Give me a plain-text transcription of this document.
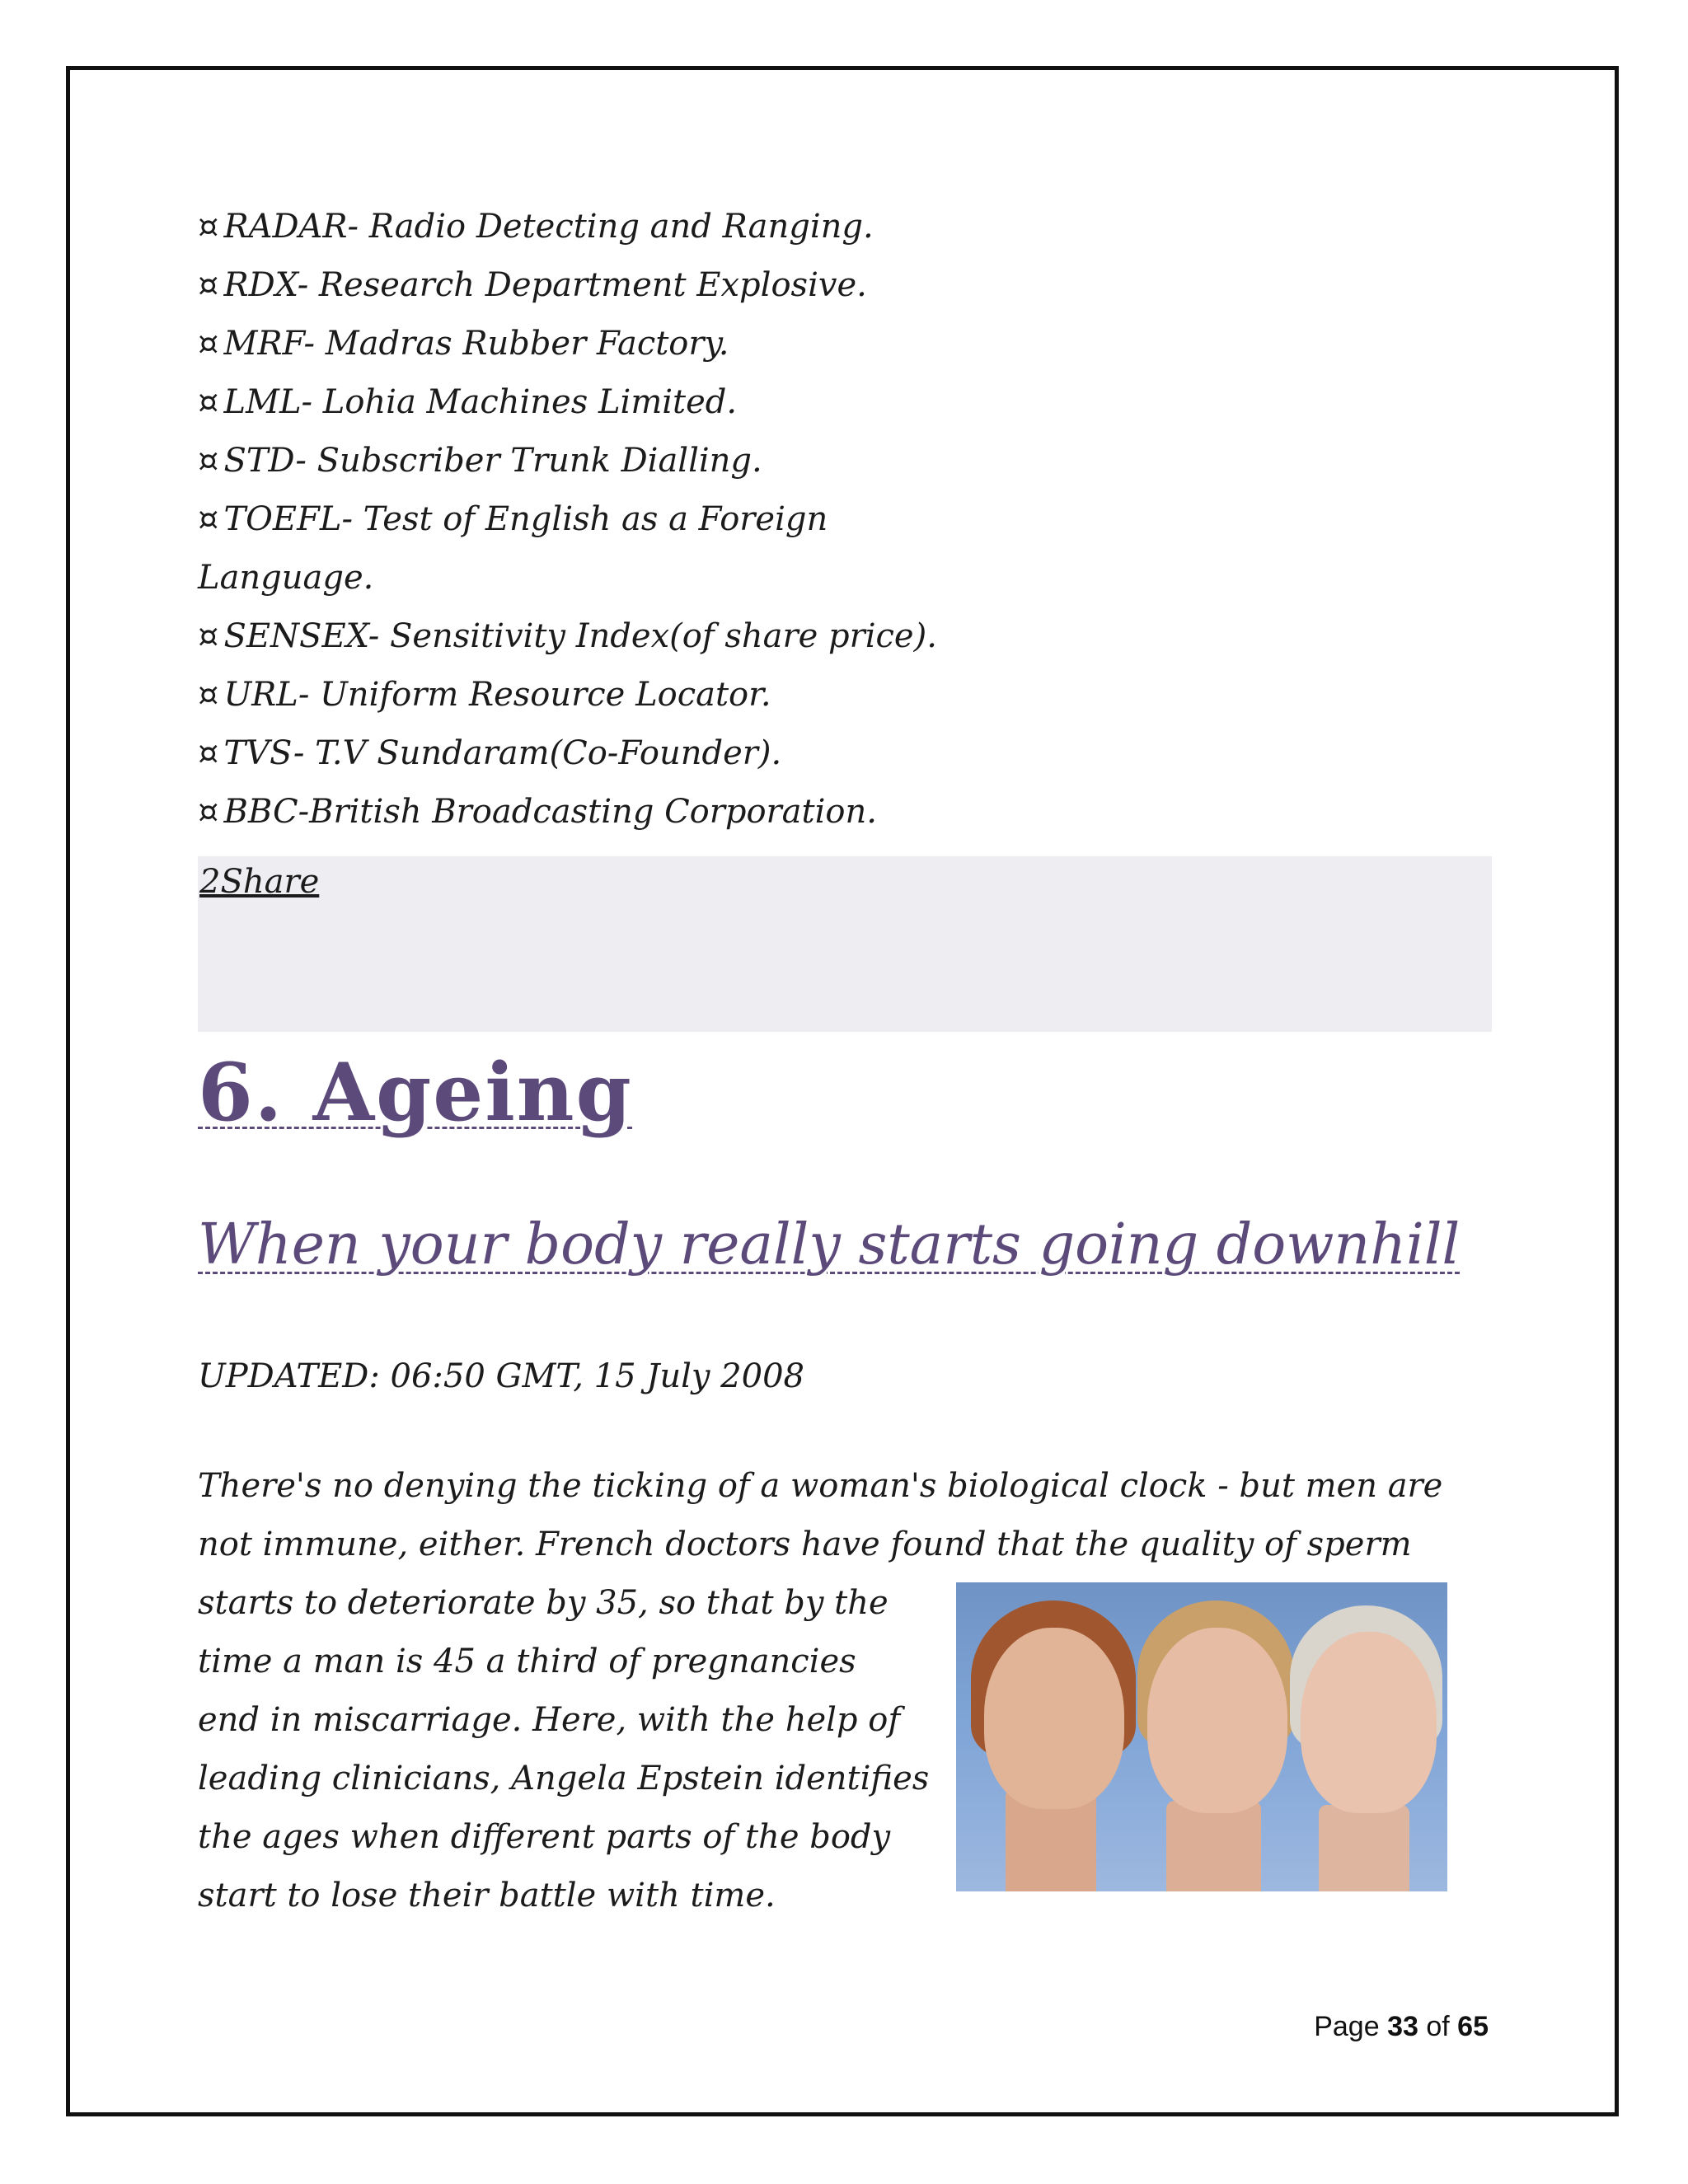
¤ RADAR- Radio Detecting and Ranging.
¤ RDX- Research Department Explosive.
¤ MRF- Madras Rubber Factory.
¤ LML- Lohia Machines Limited.
¤ STD- Subscriber Trunk Dialling.
¤ TOEFL- Test of English as a Foreign
Language.
¤ SENSEX- Sensitivity Index(of share price).
¤ URL- Uniform Resource Locator.
¤ TVS- T.V Sundaram(Co-Founder).
¤ BBC-British Broadcasting Corporation.
2Share
6. Ageing
When your body really starts going downhill
UPDATED: 06:50 GMT, 15 July 2008
There's no denying the ticking of a woman's biological clock - but men are
not immune, either. French doctors have found that the quality of sperm
starts to deteriorate by 35, so that by the
time a man is 45 a third of pregnancies
end in miscarriage. Here, with the help of
leading clinicians, Angela Epstein identifies
the ages when different parts of the body
start to lose their battle with time.
Page 33 of 65
